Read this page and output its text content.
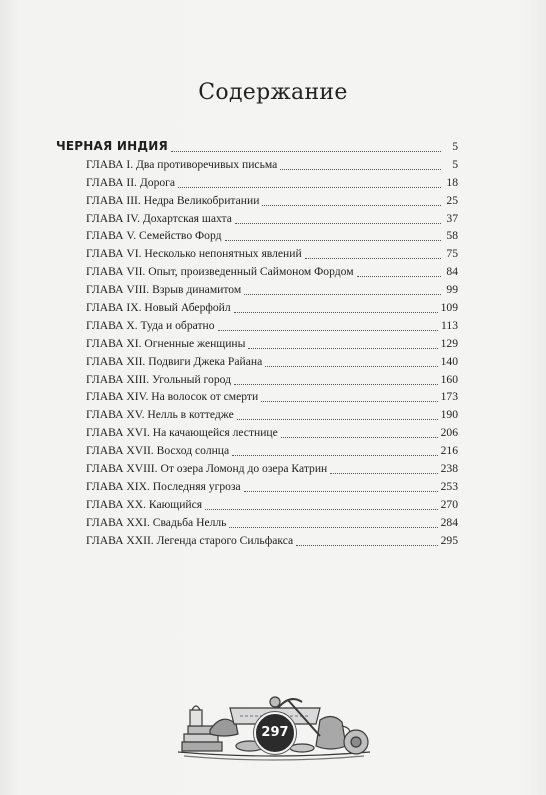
Содержание
ЧЕРНАЯ ИНДИЯ	5
ГЛАВА I. Два противоречивых письма	5
ГЛАВА II. Дорога	18
ГЛАВА III. Недра Великобритании	25
ГЛАВА IV. Дохартская шахта	37
ГЛАВА V. Семейство Форд	58
ГЛАВА VI. Несколько непонятных явлений	75
ГЛАВА VII. Опыт, произведенный Саймоном Фордом	84
ГЛАВА VIII. Взрыв динамитом	99
ГЛАВА IX. Новый Аберфойл	109
ГЛАВА X. Туда и обратно	113
ГЛАВА XI. Огненные женщины	129
ГЛАВА XII. Подвиги Джека Райана	140
ГЛАВА XIII. Угольный город	160
ГЛАВА XIV. На волосок от смерти	173
ГЛАВА XV. Нелль в коттедже	190
ГЛАВА XVI. На качающейся лестнице	206
ГЛАВА XVII. Восход солнца	216
ГЛАВА XVIII. От озера Ломонд до озера Катрин	238
ГЛАВА XIX. Последняя угроза	253
ГЛАВА XX. Кающийся	270
ГЛАВА XXI. Свадьба Нелль	284
ГЛАВА XXII. Легенда старого Сильфакса	295
297
